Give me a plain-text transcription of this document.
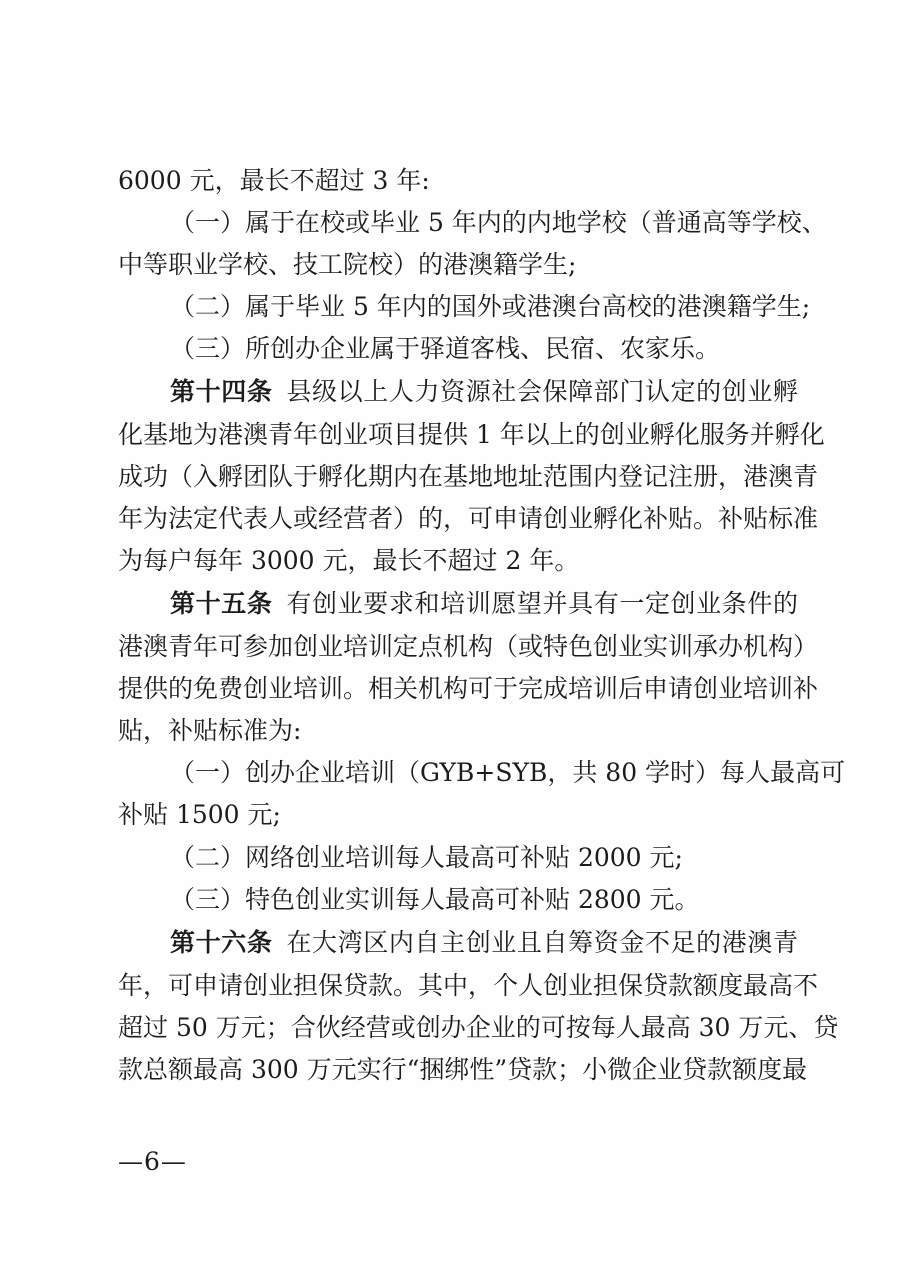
6000 元，最长不超过 3 年:
（一）属于在校或毕业 5 年内的内地学校（普通高等学校、
中等职业学校、技工院校）的港澳籍学生;
（二）属于毕业 5 年内的国外或港澳台高校的港澳籍学生;
（三）所创办企业属于驿道客栈、民宿、农家乐。
第十四条 县级以上人力资源社会保障部门认定的创业孵
化基地为港澳青年创业项目提供 1 年以上的创业孵化服务并孵化
成功（入孵团队于孵化期内在基地地址范围内登记注册，港澳青
年为法定代表人或经营者）的，可申请创业孵化补贴。补贴标准
为每户每年 3000 元，最长不超过 2 年。
第十五条 有创业要求和培训愿望并具有一定创业条件的
港澳青年可参加创业培训定点机构（或特色创业实训承办机构）
提供的免费创业培训。相关机构可于完成培训后申请创业培训补
贴，补贴标准为:
（一）创办企业培训（GYB+SYB，共 80 学时）每人最高可
补贴 1500 元;
（二）网络创业培训每人最高可补贴 2000 元;
（三）特色创业实训每人最高可补贴 2800 元。
第十六条 在大湾区内自主创业且自筹资金不足的港澳青
年，可申请创业担保贷款。其中，个人创业担保贷款额度最高不
超过 50 万元；合伙经营或创办企业的可按每人最高 30 万元、贷
款总额最高 300 万元实行“捆绑性”贷款；小微企业贷款额度最
—6—
